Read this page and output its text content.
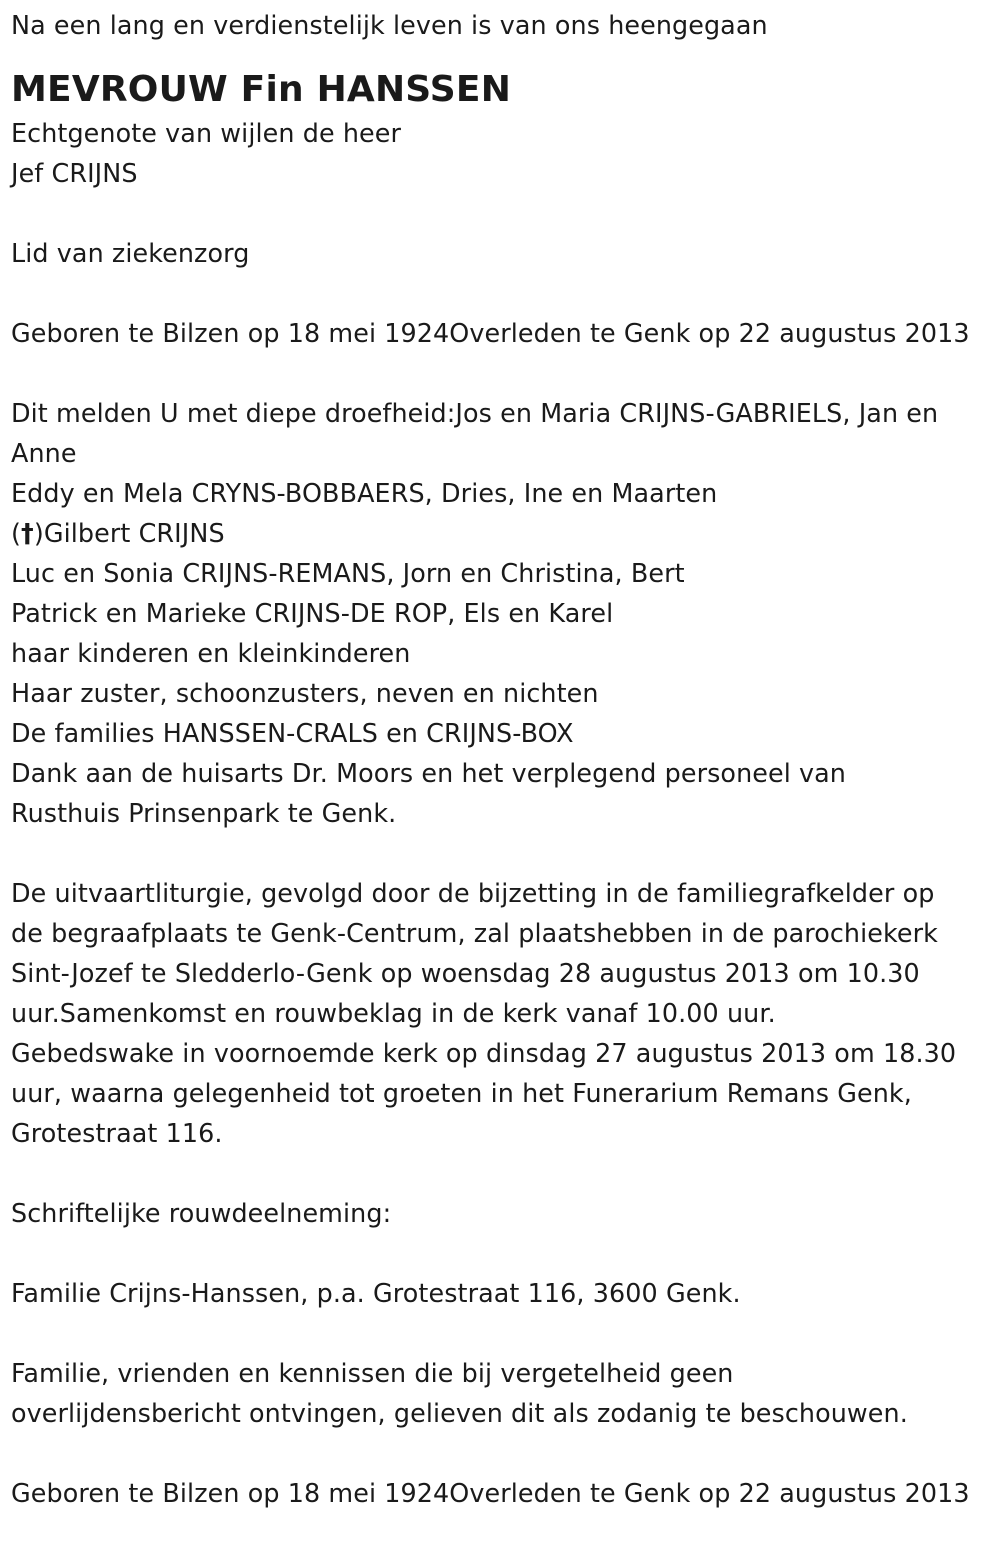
Na een lang en verdienstelijk leven is van ons heengegaan
MEVROUW Fin HANSSEN
Echtgenote van wijlen de heer
Jef CRIJNS
Lid van ziekenzorg
Geboren te Bilzen op 18 mei 1924Overleden te Genk op 22 augustus 2013
Dit melden U met diepe droefheid:Jos en Maria CRIJNS-GABRIELS, Jan en
Anne
Eddy en Mela CRYNS-BOBBAERS, Dries, Ine en Maarten
(†)Gilbert CRIJNS
Luc en Sonia CRIJNS-REMANS, Jorn en Christina, Bert
Patrick en Marieke CRIJNS-DE ROP, Els en Karel
haar kinderen en kleinkinderen
Haar zuster, schoonzusters, neven en nichten
De families HANSSEN-CRALS en CRIJNS-BOX
Dank aan de huisarts Dr. Moors en het verplegend personeel van
Rusthuis Prinsenpark te Genk.
De uitvaartliturgie, gevolgd door de bijzetting in de familiegrafkelder op
de begraafplaats te Genk-Centrum, zal plaatshebben in de parochiekerk
Sint-Jozef te Sledderlo-Genk op woensdag 28 augustus 2013 om 10.30
uur.Samenkomst en rouwbeklag in de kerk vanaf 10.00 uur.
Gebedswake in voornoemde kerk op dinsdag 27 augustus 2013 om 18.30
uur, waarna gelegenheid tot groeten in het Funerarium Remans Genk,
Grotestraat 116.
Schriftelijke rouwdeelneming:
Familie Crijns-Hanssen, p.a. Grotestraat 116, 3600 Genk.
Familie, vrienden en kennissen die bij vergetelheid geen
overlijdensbericht ontvingen, gelieven dit als zodanig te beschouwen.
Geboren te Bilzen op 18 mei 1924Overleden te Genk op 22 augustus 2013
